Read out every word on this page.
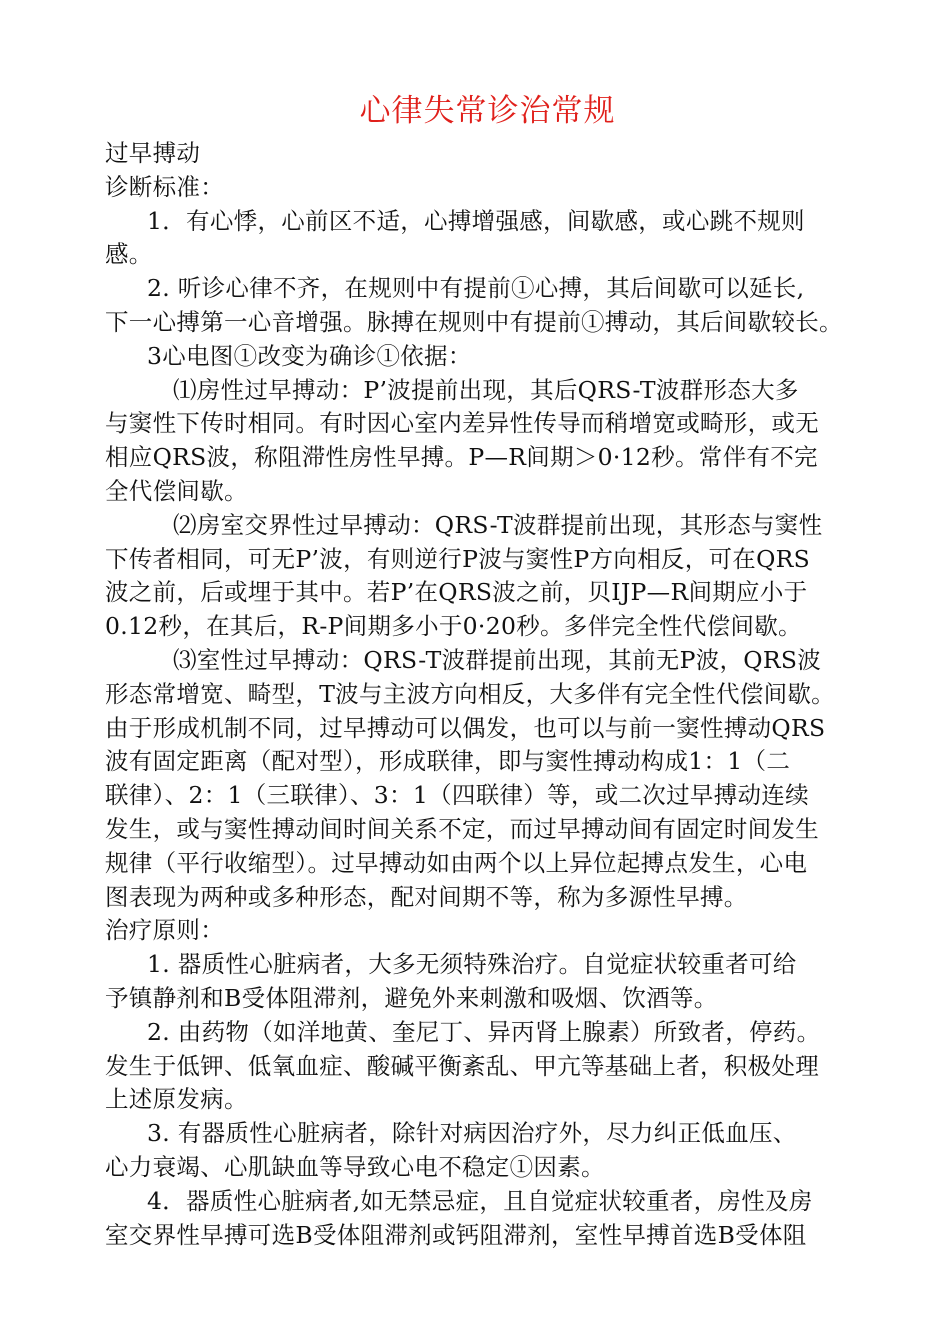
心律失常诊治常规
过早搏动
诊断标准：
1．有心悸，心前区不适，心搏增强感，间歇感，或心跳不规则
感。
2. 听诊心律不齐，在规则中有提前①心搏，其后间歇可以延长,
下一心搏第一心音增强。脉搏在规则中有提前①搏动，其后间歇较长。
3心电图①改变为确诊①依据：
⑴房性过早搏动：P’波提前出现，其后QRS-T波群形态大多
与窦性下传时相同。有时因心室内差异性传导而稍增宽或畸形，或无
相应QRS波，称阻滞性房性早搏。P—R间期＞0·12秒。常伴有不完
全代偿间歇。
⑵房室交界性过早搏动：QRS-T波群提前出现，其形态与窦性
下传者相同，可无P’波，有则逆行P波与窦性P方向相反，可在QRS
波之前，后或埋于其中。若P’在QRS波之前，贝IJP—R间期应小于
0.12秒，在其后，R-P间期多小于0·20秒。多伴完全性代偿间歇。
⑶室性过早搏动：QRS-T波群提前出现，其前无P波，QRS波
形态常增宽、畸型，T波与主波方向相反，大多伴有完全性代偿间歇。
由于形成机制不同，过早搏动可以偶发，也可以与前一窦性搏动QRS
波有固定距离（配对型），形成联律，即与窦性搏动构成1：1（二
联律）、2：1（三联律）、3：1（四联律）等，或二次过早搏动连续
发生，或与窦性搏动间时间关系不定，而过早搏动间有固定时间发生
规律（平行收缩型）。过早搏动如由两个以上异位起搏点发生，心电
图表现为两种或多种形态，配对间期不等，称为多源性早搏。
治疗原则：
1. 器质性心脏病者，大多无须特殊治疗。自觉症状较重者可给
予镇静剂和B受体阻滞剂，避免外来刺激和吸烟、饮酒等。
2. 由药物（如洋地黄、奎尼丁、异丙肾上腺素）所致者，停药。
发生于低钾、低氧血症、酸碱平衡紊乱、甲亢等基础上者，积极处理
上述原发病。
3. 有器质性心脏病者，除针对病因治疗外，尽力纠正低血压、
心力衰竭、心肌缺血等导致心电不稳定①因素。
4．器质性心脏病者,如无禁忌症，且自觉症状较重者，房性及房
室交界性早搏可选B受体阻滞剂或钙阻滞剂，室性早搏首选B受体阻
